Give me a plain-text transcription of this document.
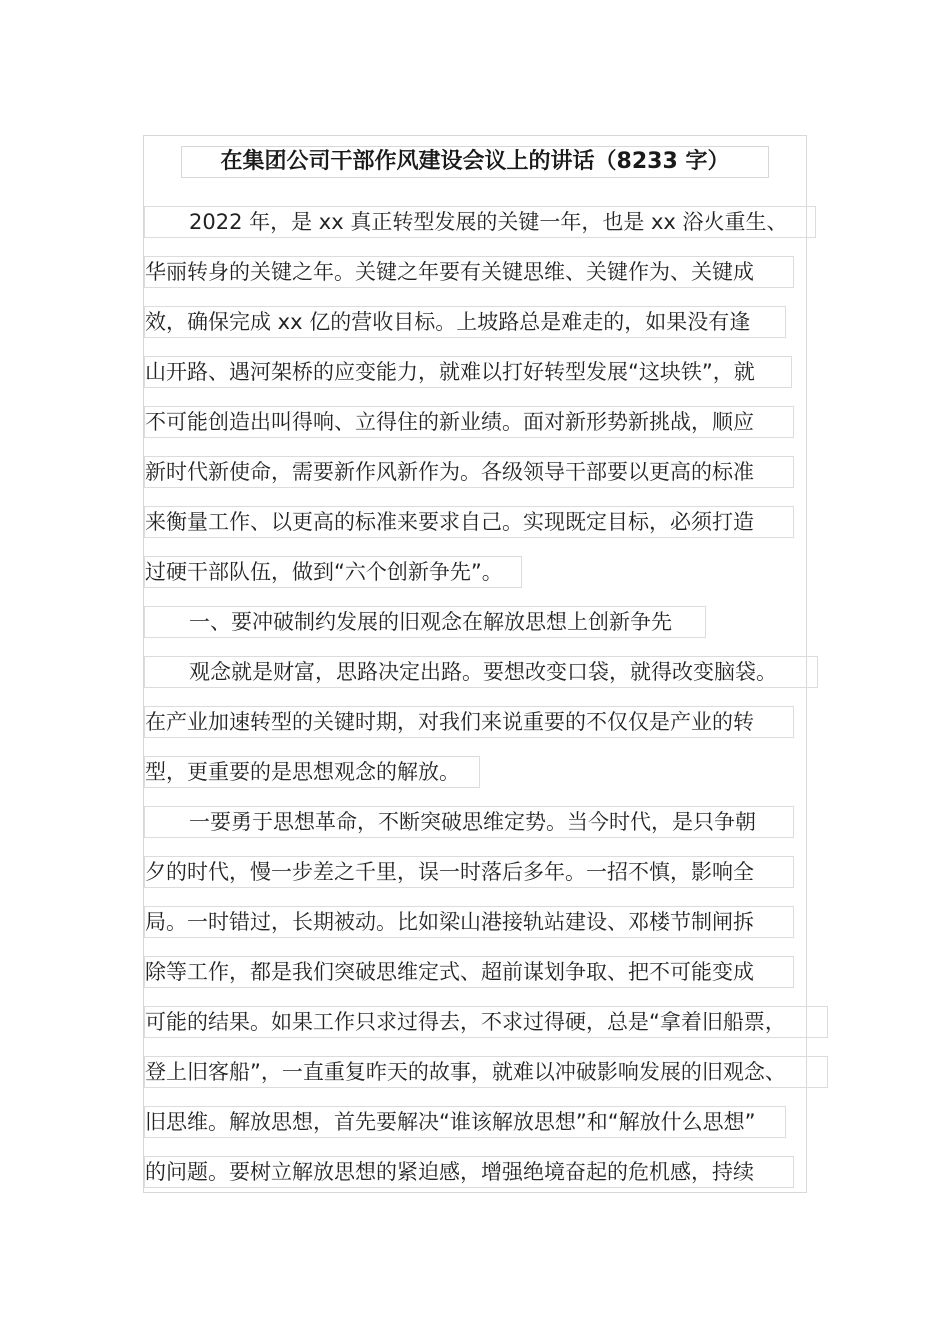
在集团公司干部作风建设会议上的讲话（8233 字）
2022 年，是 xx 真正转型发展的关键一年，也是 xx 浴火重生、
华丽转身的关键之年。关键之年要有关键思维、关键作为、关键成
效，确保完成 xx 亿的营收目标。上坡路总是难走的，如果没有逢
山开路、遇河架桥的应变能力，就难以打好转型发展“这块铁”，就
不可能创造出叫得响、立得住的新业绩。面对新形势新挑战，顺应
新时代新使命，需要新作风新作为。各级领导干部要以更高的标准
来衡量工作、以更高的标准来要求自己。实现既定目标，必须打造
过硬干部队伍，做到“六个创新争先”。
一、要冲破制约发展的旧观念在解放思想上创新争先
观念就是财富，思路决定出路。要想改变口袋，就得改变脑袋。
在产业加速转型的关键时期，对我们来说重要的不仅仅是产业的转
型，更重要的是思想观念的解放。
一要勇于思想革命，不断突破思维定势。当今时代，是只争朝
夕的时代，慢一步差之千里，误一时落后多年。一招不慎，影响全
局。一时错过，长期被动。比如梁山港接轨站建设、邓楼节制闸拆
除等工作，都是我们突破思维定式、超前谋划争取、把不可能变成
可能的结果。如果工作只求过得去，不求过得硬，总是“拿着旧船票，
登上旧客船”，一直重复昨天的故事，就难以冲破影响发展的旧观念、
旧思维。解放思想，首先要解决“谁该解放思想”和“解放什么思想”
的问题。要树立解放思想的紧迫感，增强绝境奋起的危机感，持续
